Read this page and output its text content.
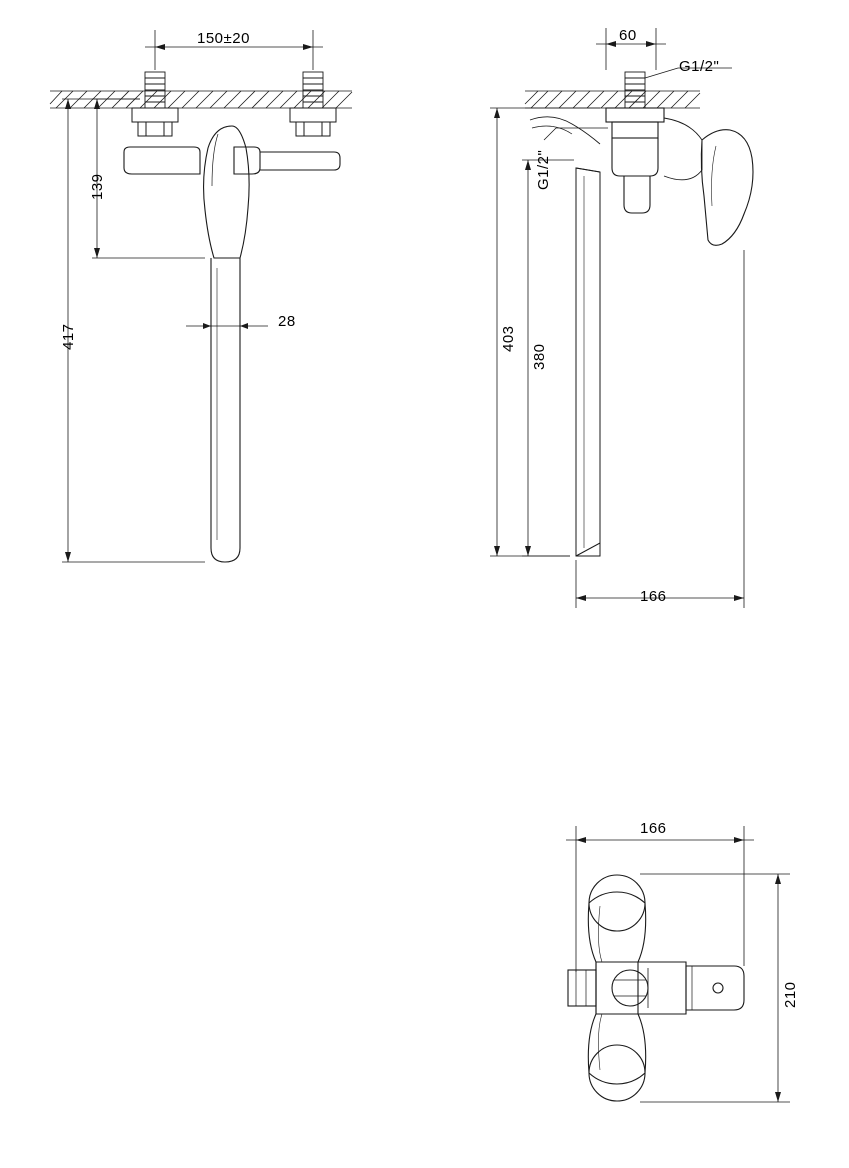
150±20
139
417
28
60
G1/2"
G1/2"
403
380
166
166
210
